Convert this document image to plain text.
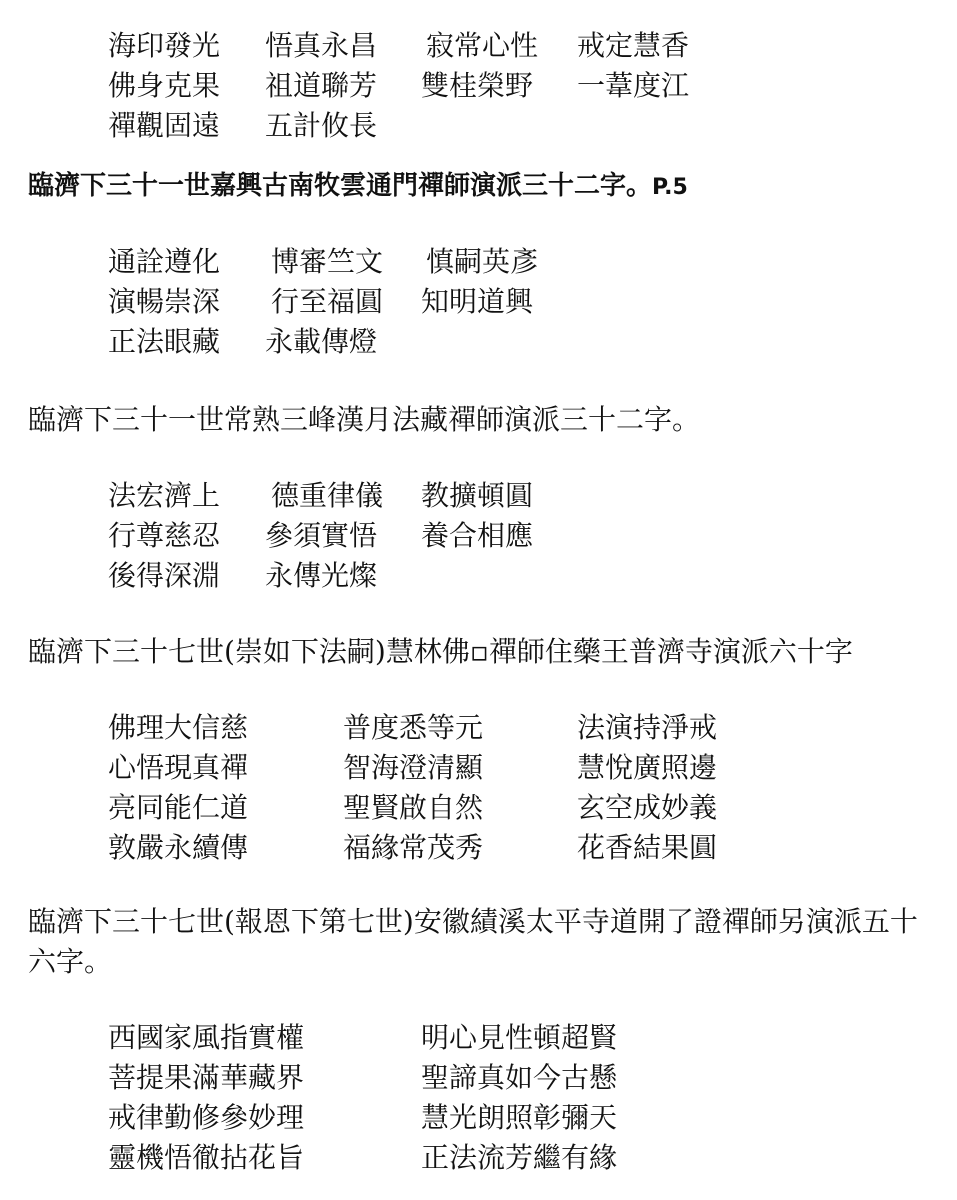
海印發光 悟真永昌 寂常心性 戒定慧香
佛身克果 祖道聯芳 雙桂榮野 一葦度江
禪觀固遠 五計攸長
臨濟下三十一世嘉興古南牧雲通門禪師演派三十二字。P.5
通詮遵化 博審竺文 慎嗣英彥
演暢崇深 行至福圓 知明道興
正法眼藏 永載傳燈
臨濟下三十一世常熟三峰漢月法藏禪師演派三十二字。
法宏濟上 德重律儀 教擴頓圓
行尊慈忍 參須實悟 養合相應
後得深淵 永傳光燦
臨濟下三十七世(崇如下法嗣)慧林佛▫禪師住藥王普濟寺演派六十字
佛理大信慈	普度悉等元	法演持淨戒
心悟現真禪	智海澄清顯	慧悅廣照邊
亮同能仁道	聖賢啟自然	玄空成妙義
敦嚴永續傳	福緣常茂秀	花香結果圓
臨濟下三十七世(報恩下第七世)安徽績溪太平寺道開了證禪師另演派五十六字。
西國家風指實權	明心見性頓超賢
菩提果滿華藏界	聖諦真如今古懸
戒律勤修參妙理	慧光朗照彰彌天
靈機悟徹拈花旨	正法流芳繼有緣
